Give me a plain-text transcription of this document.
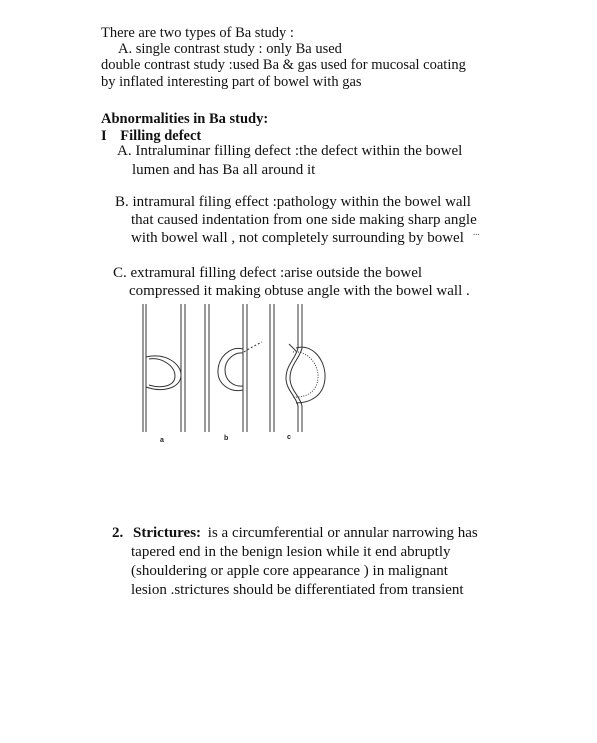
There are two types of Ba study :
A. single contrast study : only Ba used
double contrast study :used Ba & gas used for mucosal coating
by inflated interesting part of bowel with gas
Abnormalities in Ba study:
I Filling defect
A. Intraluminar filling defect :the defect within the bowel
lumen and has Ba all around it
B. intramural filing effect :pathology within the bowel wall
that caused indentation from one side making sharp angle
with bowel wall , not completely surrounding by bowel ...
C. extramural filling defect :arise outside the bowel
compressed it making obtuse angle with the bowel wall .
a	b	c
2. Strictures: is a circumferential or annular narrowing has
tapered end in the benign lesion while it end abruptly
(shouldering or apple core appearance ) in malignant
lesion .strictures should be differentiated from transient
